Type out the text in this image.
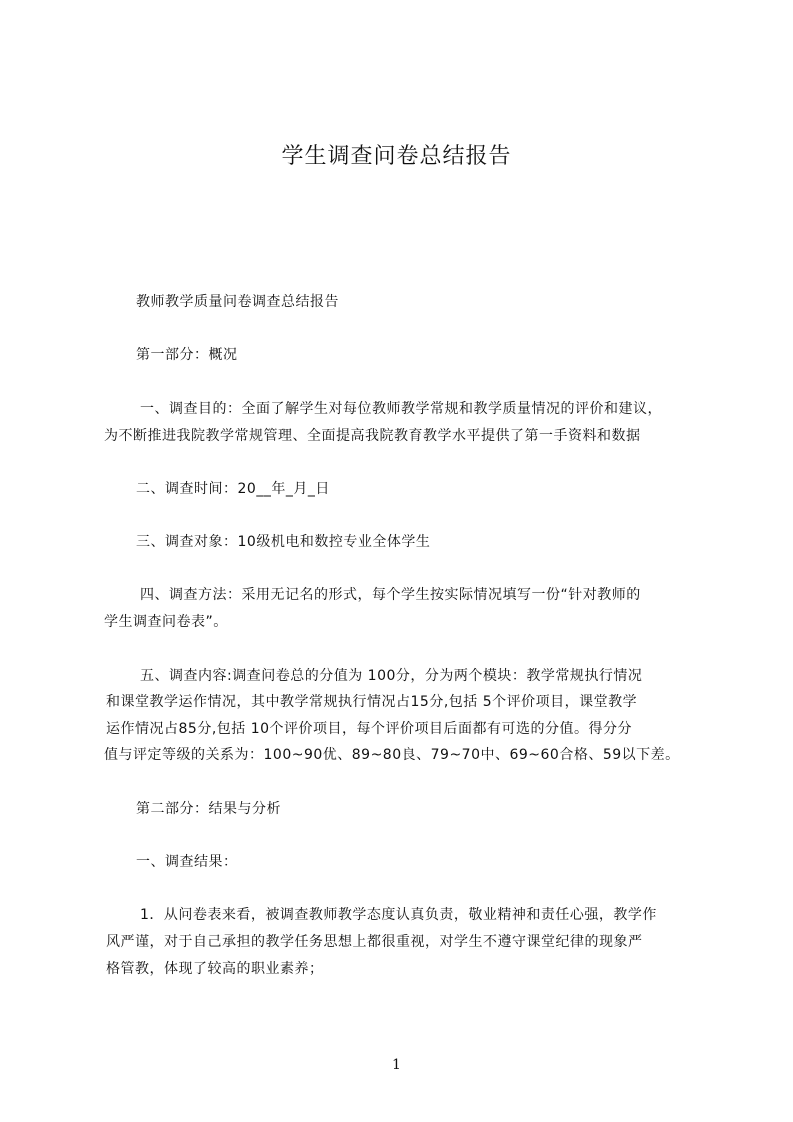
学生调查问卷总结报告
教师教学质量问卷调查总结报告
第一部分：概况
一、调查目的：全面了解学生对每位教师教学常规和教学质量情况的评价和建议，
为不断推进我院教学常规管理、全面提高我院教育教学水平提供了第一手资料和数据
二、调查时间：20__年_月_日
三、调查对象：10级机电和数控专业全体学生
四、调查方法：采用无记名的形式，每个学生按实际情况填写一份“针对教师的
学生调查问卷表”。
五、调查内容:调查问卷总的分值为 100分，分为两个模块：教学常规执行情况
和课堂教学运作情况，其中教学常规执行情况占15分,包括 5个评价项目，课堂教学
运作情况占85分,包括 10个评价项目，每个评价项目后面都有可选的分值。得分分
值与评定等级的关系为：100~90优、89~80良、79~70中、69~60合格、59以下差。
第二部分：结果与分析
一、调查结果：
1．从问卷表来看，被调查教师教学态度认真负责，敬业精神和责任心强，教学作
风严谨，对于自己承担的教学任务思想上都很重视，对学生不遵守课堂纪律的现象严
格管教，体现了较高的职业素养；
1
